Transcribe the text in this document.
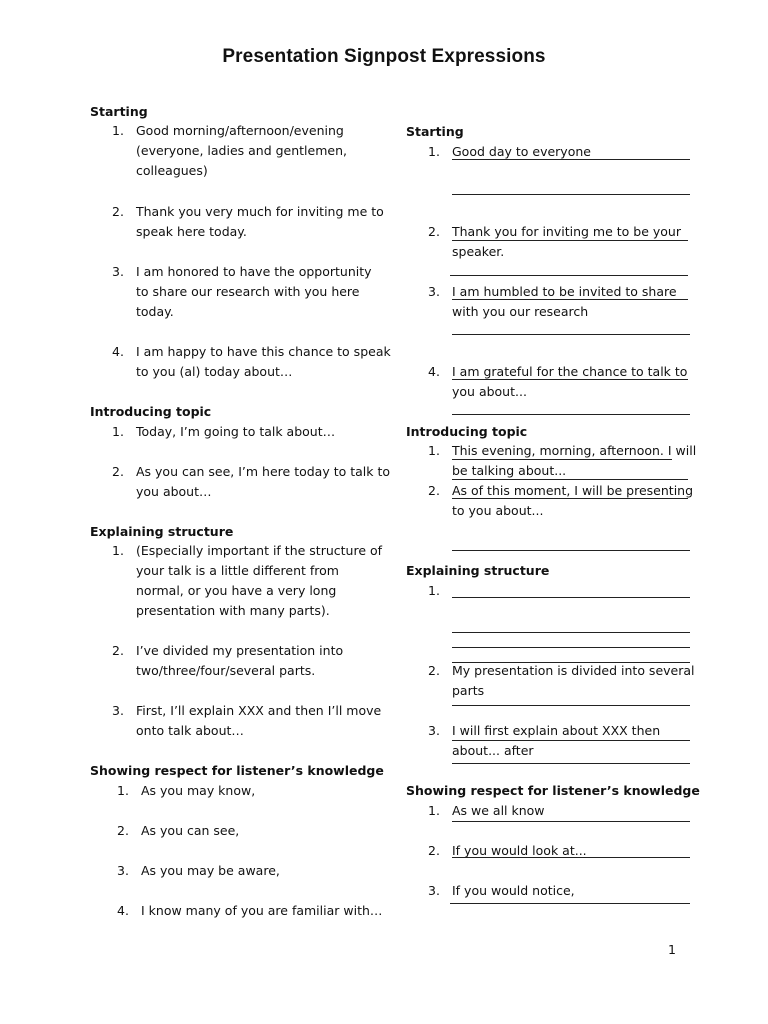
Presentation Signpost Expressions
Starting
1. Good morning/afternoon/evening
(everyone, ladies and gentlemen,
colleagues)
2. Thank you very much for inviting me to
speak here today.
3. I am honored to have the opportunity
to share our research with you here
today.
4. I am happy to have this chance to speak
to you (al) today about…
Introducing topic
1. Today, I’m going to talk about…
2. As you can see, I’m here today to talk to
you about…
Explaining structure
1. (Especially important if the structure of
your talk is a little different from
normal, or you have a very long
presentation with many parts).
2. I’ve divided my presentation into
two/three/four/several parts.
3. First, I’ll explain XXX and then I’ll move
onto talk about…
Showing respect for listener’s knowledge
1. As you may know,
2. As you can see,
3. As you may be aware,
4. I know many of you are familiar with…
Starting
1. Good day to everyone
2. Thank you for inviting me to be your
speaker.
3. I am humbled to be invited to share
with you our research
4. I am grateful for the chance to talk to
you about...
Introducing topic
1. This evening, morning, afternoon. I will
be talking about...
2. As of this moment, I will be presenting
to you about...
Explaining structure
1.
2. My presentation is divided into several
parts
3. I will first explain about XXX then
about... after
Showing respect for listener’s knowledge
1. As we all know
2. If you would look at...
3. If you would notice,
1
